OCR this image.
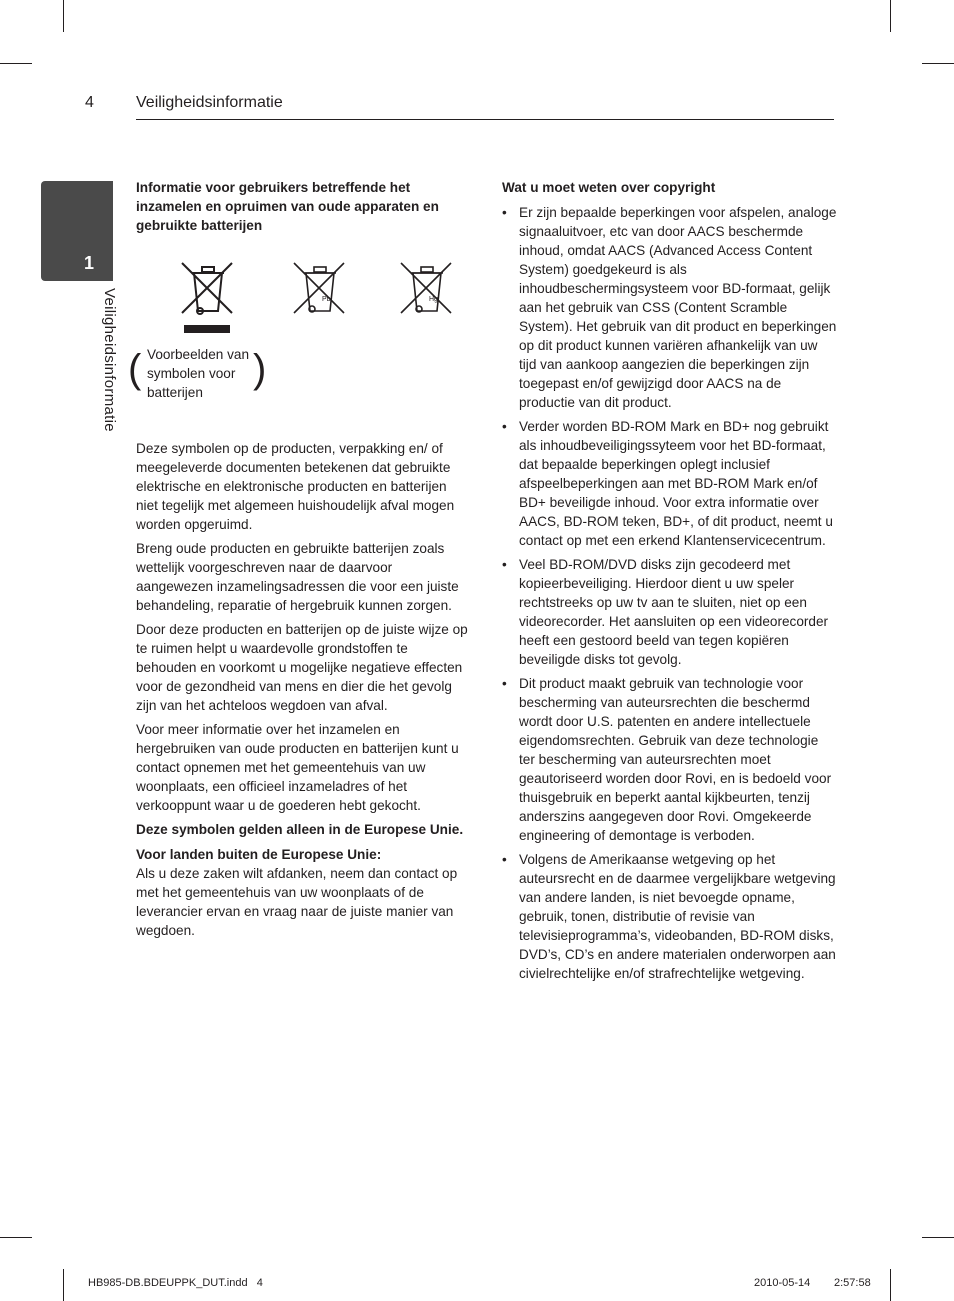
4	Veiligheidsinformatie
1
Veiligheidsinformatie
Informatie voor gebruikers betreffende het inzamelen en opruimen van oude apparaten en gebruikte batterijen
Pb	Hg
( Voorbeelden van symbolen voor batterijen
)

Deze symbolen op de producten, verpakking en/ of meegeleverde documenten betekenen dat gebruikte elektrische en elektronische producten en batterijen niet tegelijk met algemeen huishoudelijk afval mogen worden opgeruimd.

Breng oude producten en gebruikte batterijen zoals wettelijk voorgeschreven naar de daarvoor aangewezen inzamelingsadressen die voor een juiste behandeling, reparatie of hergebruik kunnen zorgen.

Door deze producten en batterijen op de juiste wijze op te ruimen helpt u waardevolle grondstoffen te behouden en voorkomt u mogelijke negatieve effecten voor de gezondheid van mens en dier die het gevolg zijn van het achteloos wegdoen van afval.

Voor meer informatie over het inzamelen en hergebruiken van oude producten en batterijen kunt u contact opnemen met het gemeentehuis van uw woonplaats, een officieel inzameladres of het verkooppunt waar u de goederen hebt gekocht.

Deze symbolen gelden alleen in de Europese Unie.

Voor landen buiten de Europese Unie:
Als u deze zaken wilt afdanken, neem dan contact op met het gemeentehuis van uw woonplaats of de leverancier ervan en vraag naar de juiste manier van wegdoen.
Wat u moet weten over copyright
• Er zijn bepaalde beperkingen voor afspelen, analoge signaaluitvoer, etc van door AACS beschermde inhoud, omdat AACS (Advanced Access Content System) goedgekeurd is als inhoudbeschermingsysteem voor BD-formaat, gelijk aan het gebruik van CSS (Content Scramble System). Het gebruik van dit product en beperkingen op dit product kunnen variëren afhankelijk van uw tijd van aankoop aangezien die beperkingen zijn toegepast en/of gewijzigd door AACS na de productie van dit product.
• Verder worden BD-ROM Mark en BD+ nog gebruikt als inhoudbeveiligingssyteem voor het BD-formaat, dat bepaalde beperkingen oplegt inclusief afspeelbeperkingen aan met BD-ROM Mark en/of BD+ beveiligde inhoud. Voor extra informatie over AACS, BD-ROM teken, BD+, of dit product, neemt u contact op met een erkend Klantenservicecentrum.
• Veel BD-ROM/DVD disks zijn gecodeerd met kopieerbeveiliging. Hierdoor dient u uw speler rechtstreeks op uw tv aan te sluiten, niet op een videorecorder. Het aansluiten op een videorecorder heeft een gestoord beeld van tegen kopiëren beveiligde disks tot gevolg.
• Dit product maakt gebruik van technologie voor bescherming van auteursrechten die beschermd wordt door U.S. patenten en andere intellectuele eigendomsrechten. Gebruik van deze technologie ter bescherming van auteursrechten moet geautoriseerd worden door Rovi, en is bedoeld voor thuisgebruik en beperkt aantal kijkbeurten, tenzij anderszins aangegeven door Rovi. Omgekeerde engineering of demontage is verboden.
• Volgens de Amerikaanse wetgeving op het auteursrecht en de daarmee vergelijkbare wetgeving van andere landen, is niet bevoegde opname, gebruik, tonen, distributie of revisie van televisieprogramma’s, videobanden, BD-ROM disks, DVD’s, CD’s en andere materialen onderworpen aan civielrechtelijke en/of strafrechtelijke wetgeving.
HB985-DB.BDEUPPK_DUT.indd   4	2010-05-14 2:57:58
